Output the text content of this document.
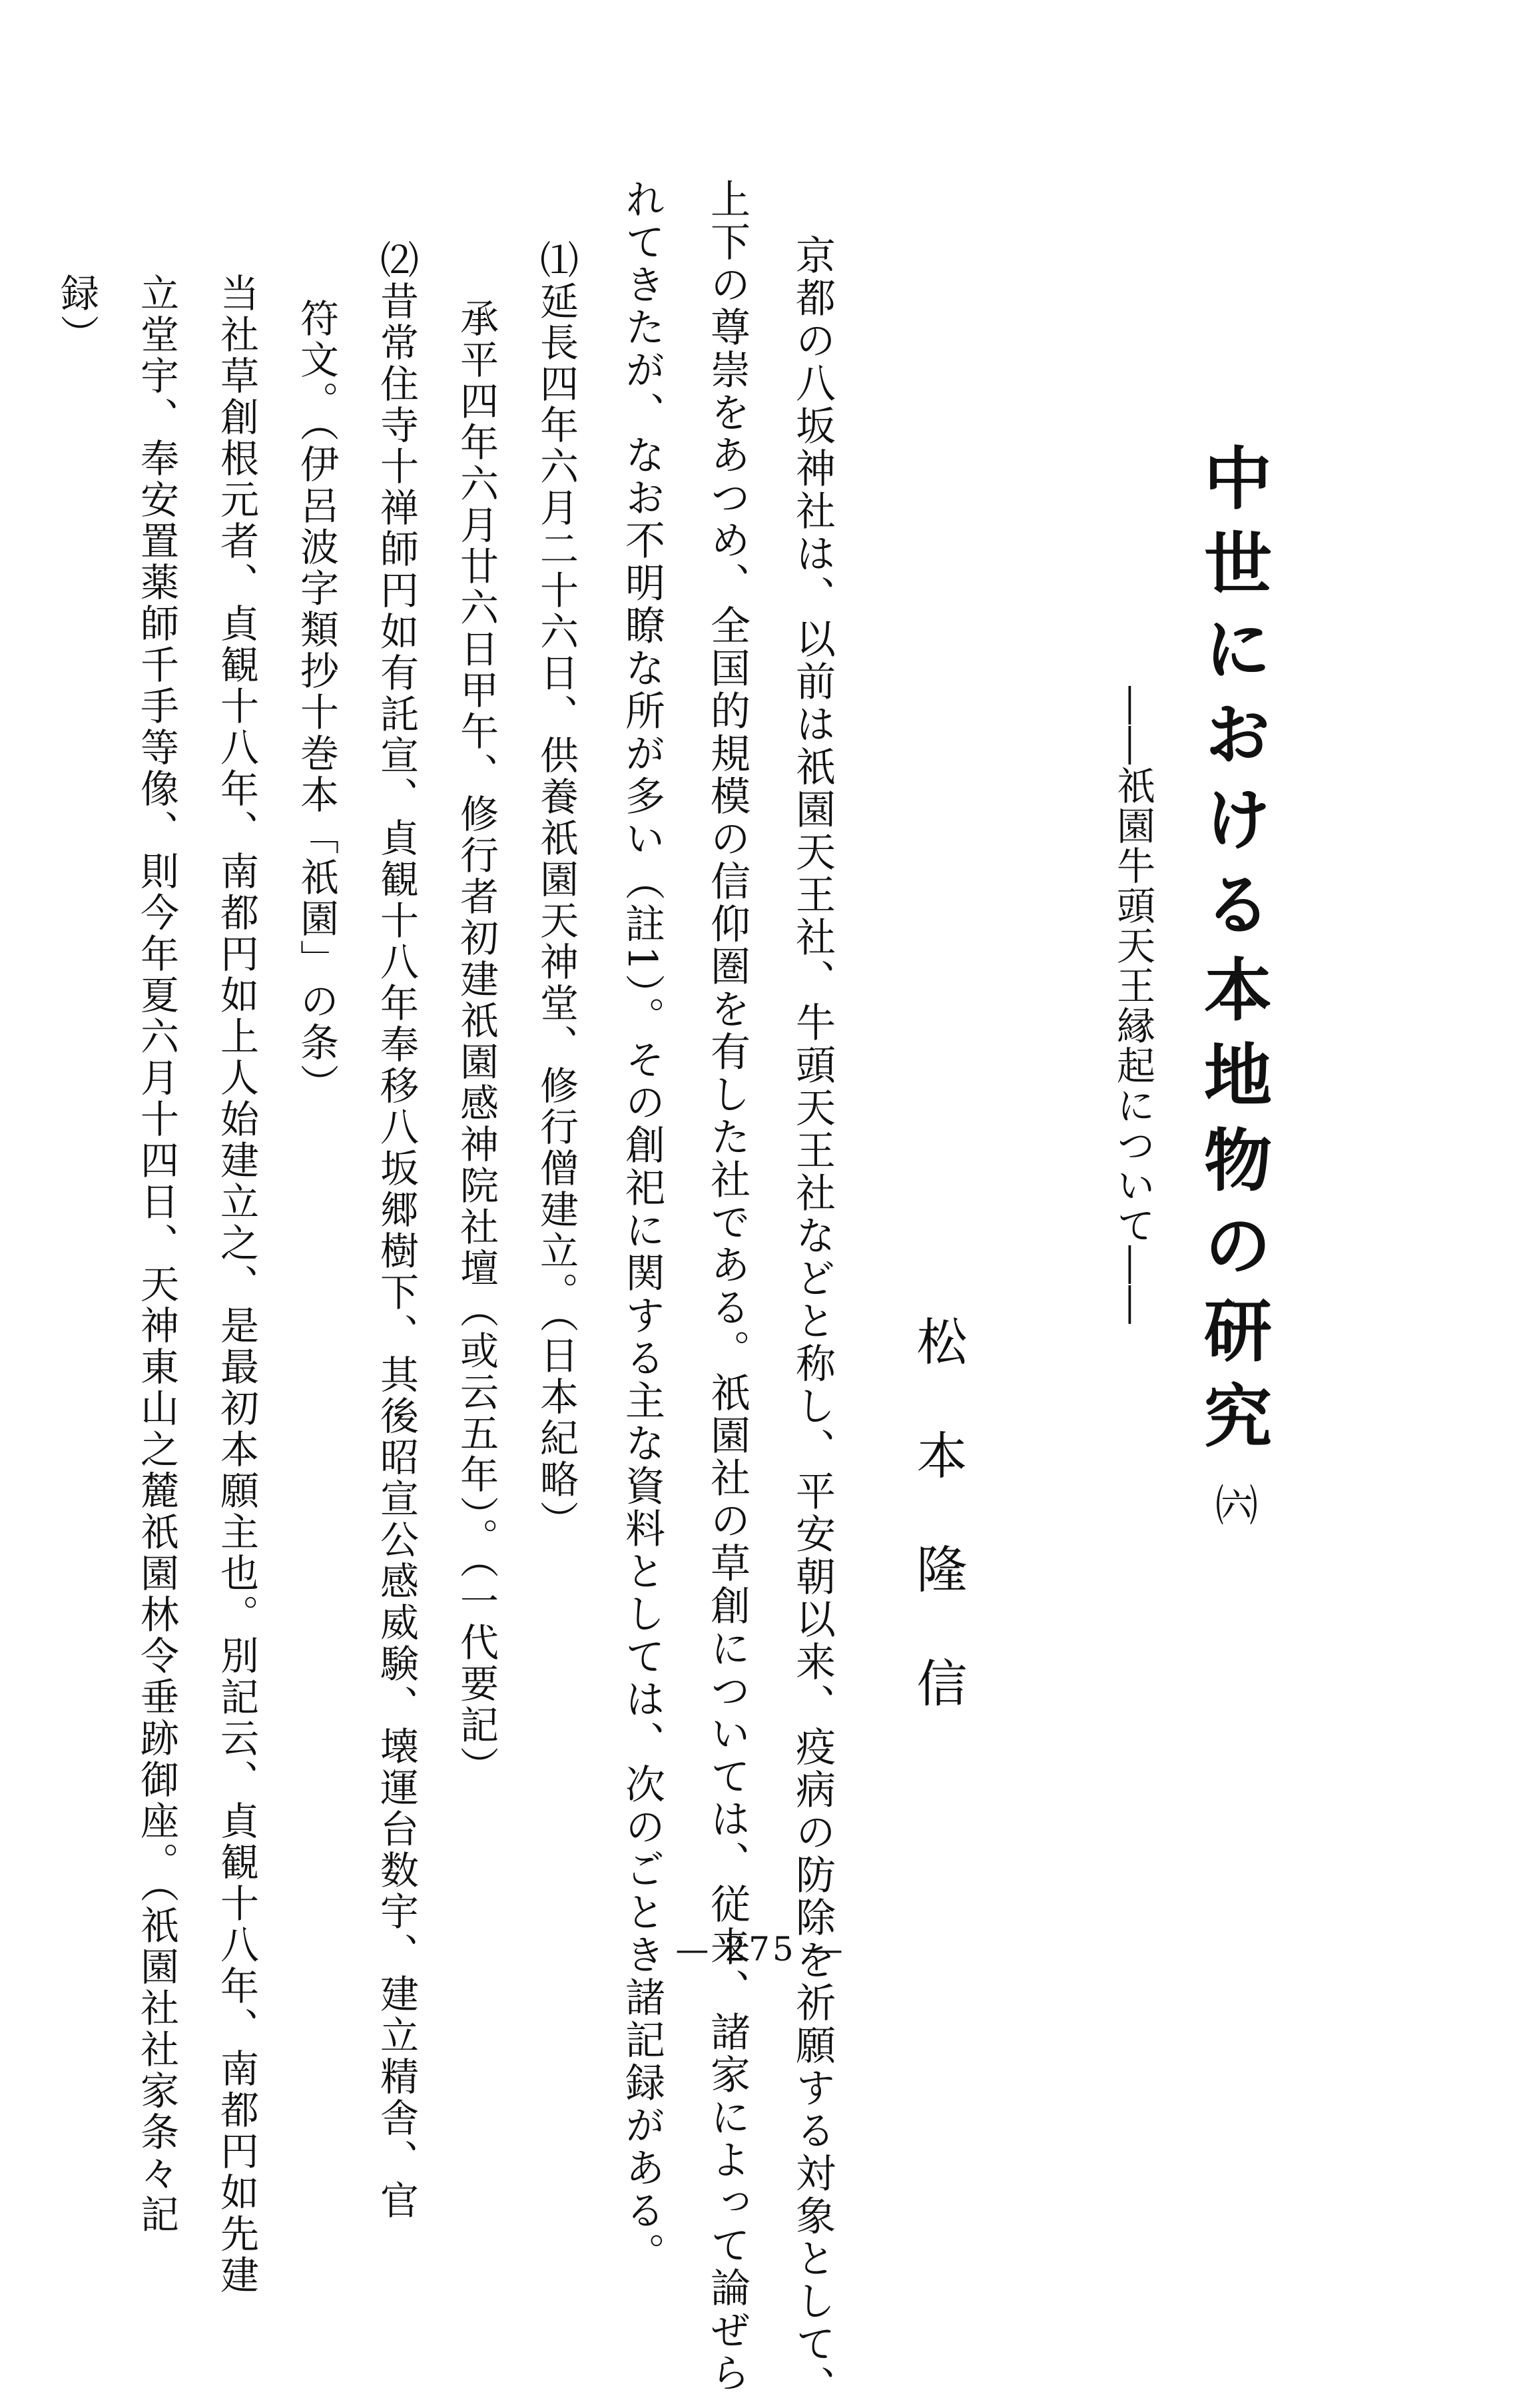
中世における本地物の研究㈥
――祇園牛頭天王縁起について――
松本隆信
京都の八坂神社は、以前は祇園天王社、牛頭天王社などと称し、平安朝以来、疫病の防除を祈願する対象として、
上下の尊崇をあつめ、全国的規模の信仰圏を有した社である。祇園社の草創については、従来、諸家によって論ぜら
れてきたが、なお不明瞭な所が多い（註1）。その創祀に関する主な資料としては、次のごとき諸記録がある。
⑴延長四年六月二十六日、供養祇園天神堂、修行僧建立。（日本紀略）
承平四年六月廿六日甲午、修行者初建祇園感神院社壇（或云五年）。（一代要記）
⑵昔常住寺十禅師円如有託宣、貞観十八年奉移八坂郷樹下、其後昭宣公感威験、壊運台数宇、建立精舎、官
符文。（伊呂波字類抄十巻本「祇園」の条）
当社草創根元者、貞観十八年、南都円如上人始建立之、是最初本願主也。別記云、貞観十八年、南都円如先建
立堂宇、奉安置薬師千手等像、則今年夏六月十四日、天神東山之麓祇園林令垂跡御座。（祇園社社家条々記
録）
— 275 —
